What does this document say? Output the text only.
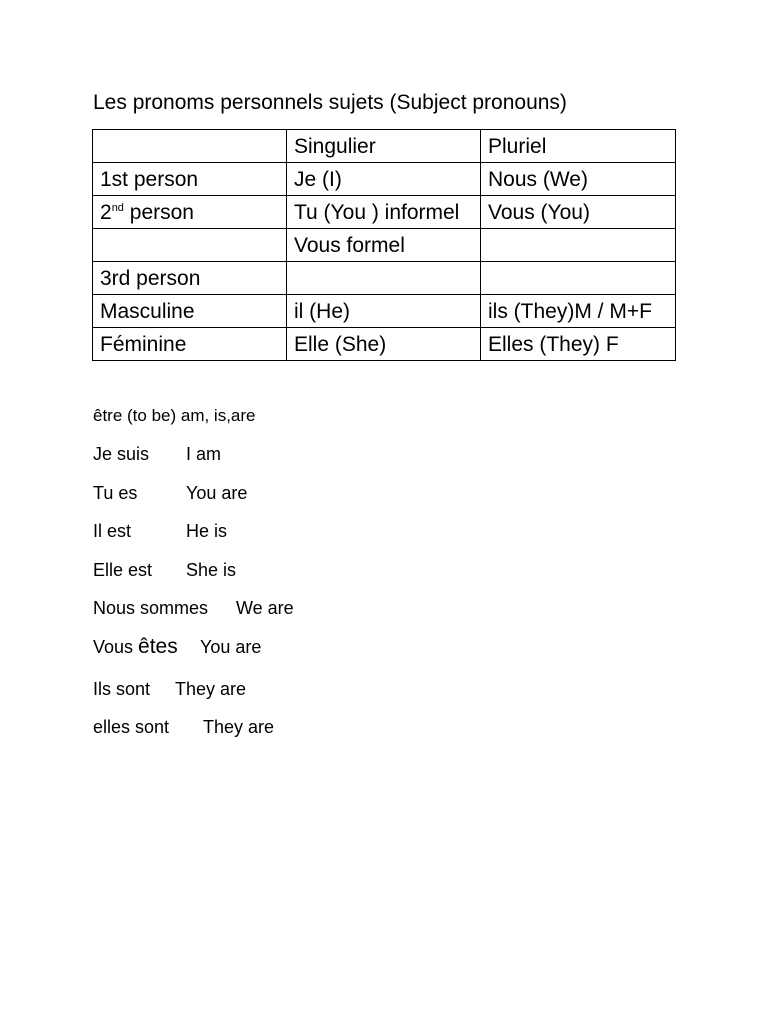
Les pronoms personnels sujets (Subject pronouns)
	Singulier	Pluriel
1st person	Je (I)	Nous (We)
2nd person	Tu (You ) informel	Vous (You)
	Vous formel	
3rd person		
Masculine	il (He)	ils (They)M / M+F
Féminine	Elle (She)	Elles (They) F
être (to be) am, is,are
Je suis I am
Tu es	You are
Il est	He is
Elle est She is
Nous sommes We are
Vous êtes You are
Ils sont They are
elles sont They are
